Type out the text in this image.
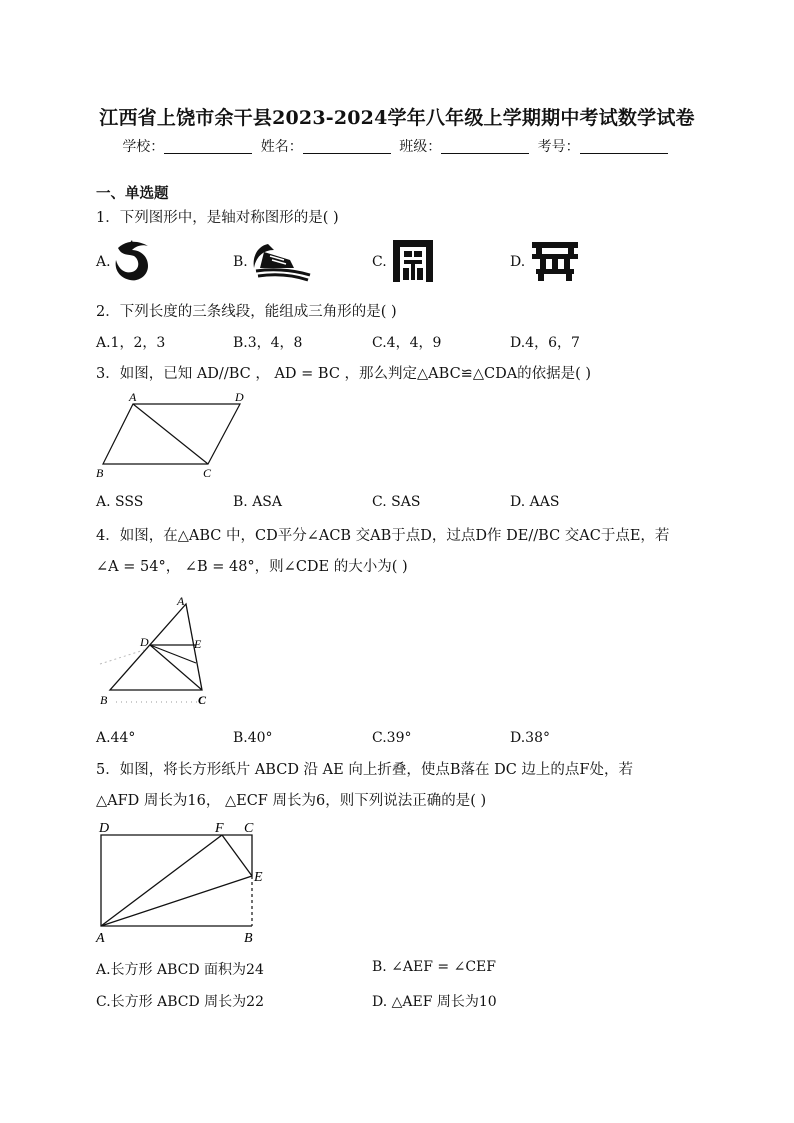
江西省上饶市余干县2023-2024学年八年级上学期期中考试数学试卷
学校：	姓名：	班级：	考号：
一、单选题
1．下列图形中，是轴对称图形的是( )
A.	B.	C.	D.
2．下列长度的三条线段，能组成三角形的是( )
A.1，2，3	B.3，4，8	C.4，4，9	D.4，6，7
3．如图，已知 AD//BC ， AD = BC ，那么判定△ABC≌△CDA的依据是( )
A	D
B	C
A. SSS	B. ASA	C. SAS	D. AAS
4．如图，在△ABC 中，CD平分∠ACB 交AB于点D，过点D作 DE//BC 交AC于点E，若
∠A = 54°， ∠B = 48°，则∠CDE 的大小为( )
A
D	E
B	C
A.44°	B.40°	C.39°	D.38°
5．如图，将长方形纸片 ABCD 沿 AE 向上折叠，使点B落在 DC 边上的点F处，若
△AFD 周长为16， △ECF 周长为6，则下列说法正确的是( )
D	F C
E
A	B
A.长方形 ABCD 面积为24	B. ∠AEF = ∠CEF
C.长方形 ABCD 周长为22	D. △AEF 周长为10
